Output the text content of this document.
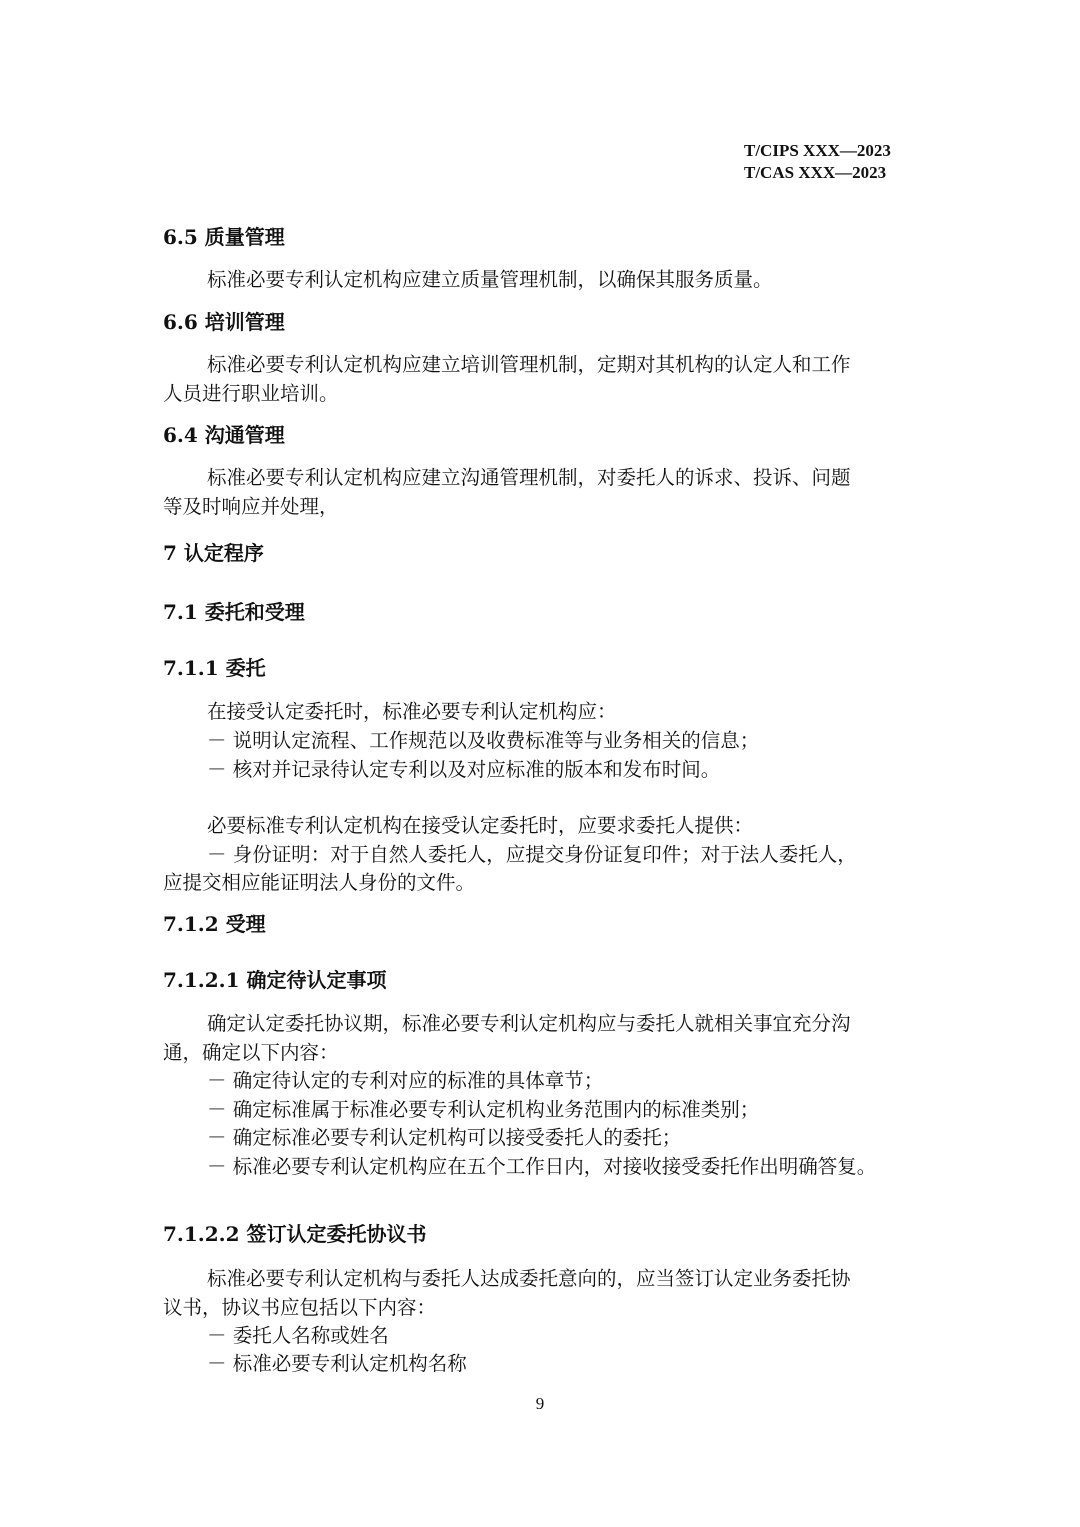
T/CIPS XXX—2023
T/CAS XXX—2023
6.5 质量管理
标准必要专利认定机构应建立质量管理机制，以确保其服务质量。
6.6 培训管理
标准必要专利认定机构应建立培训管理机制，定期对其机构的认定人和工作
人员进行职业培训。
6.4 沟通管理
标准必要专利认定机构应建立沟通管理机制，对委托人的诉求、投诉、问题
等及时响应并处理，
7 认定程序
7.1 委托和受理
7.1.1 委托
在接受认定委托时，标准必要专利认定机构应：
－ 说明认定流程、工作规范以及收费标准等与业务相关的信息；
－ 核对并记录待认定专利以及对应标准的版本和发布时间。
必要标准专利认定机构在接受认定委托时，应要求委托人提供：
－ 身份证明：对于自然人委托人，应提交身份证复印件；对于法人委托人，
应提交相应能证明法人身份的文件。
7.1.2 受理
7.1.2.1 确定待认定事项
确定认定委托协议期，标准必要专利认定机构应与委托人就相关事宜充分沟
通，确定以下内容：
－ 确定待认定的专利对应的标准的具体章节；
－ 确定标准属于标准必要专利认定机构业务范围内的标准类别；
－ 确定标准必要专利认定机构可以接受委托人的委托；
－ 标准必要专利认定机构应在五个工作日内，对接收接受委托作出明确答复。
7.1.2.2 签订认定委托协议书
标准必要专利认定机构与委托人达成委托意向的，应当签订认定业务委托协
议书，协议书应包括以下内容：
－ 委托人名称或姓名
－ 标准必要专利认定机构名称
9
